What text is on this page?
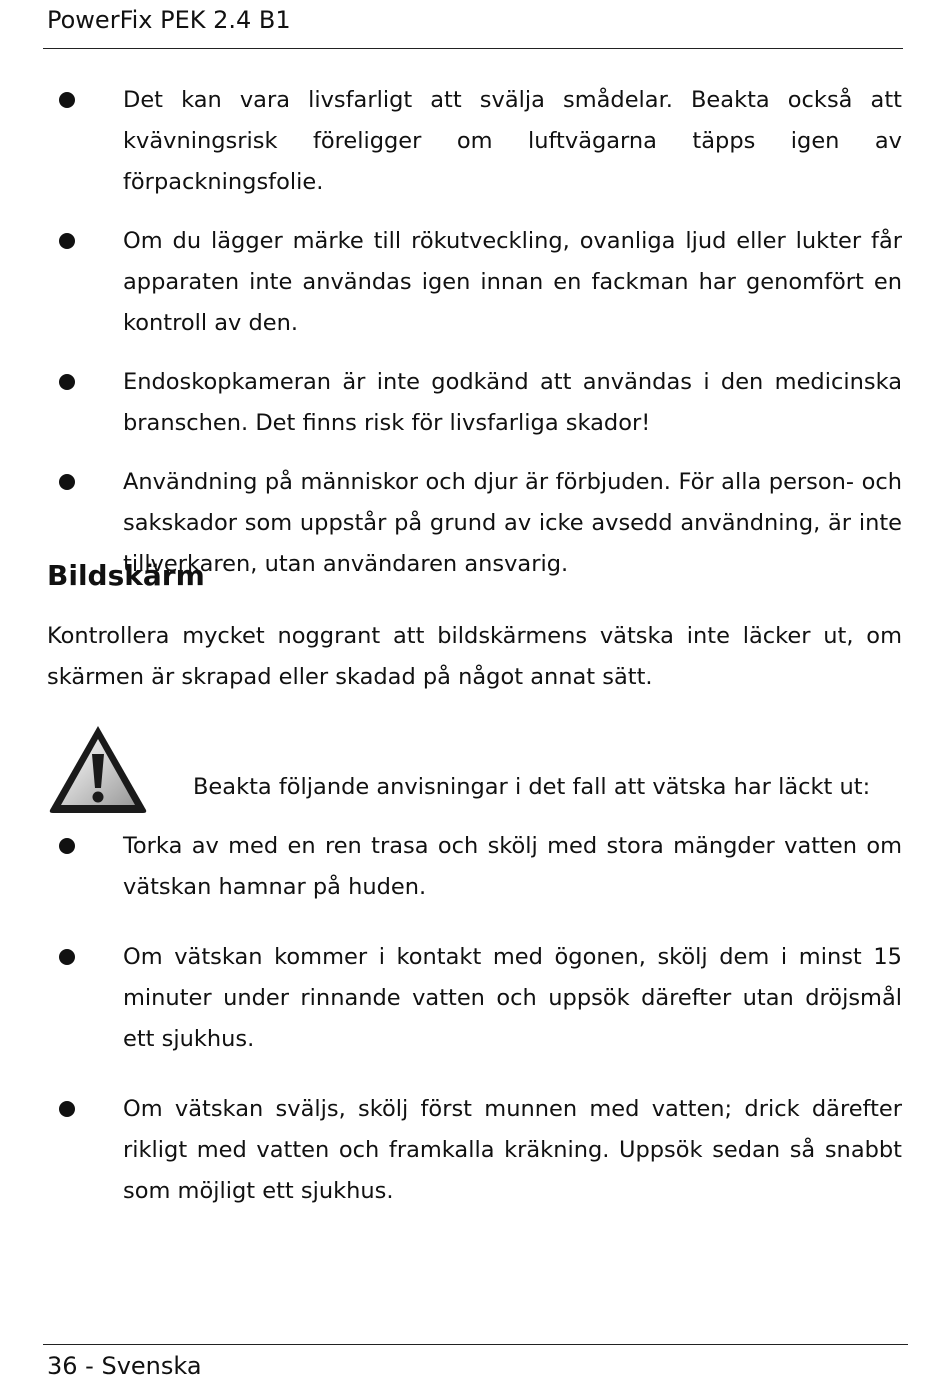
PowerFix PEK 2.4 B1
Det kan vara livsfarligt att svälja smådelar. Beakta också att kvävningsrisk föreligger om luftvägarna täpps igen av förpackningsfolie.
Om du lägger märke till rökutveckling, ovanliga ljud eller lukter får apparaten inte användas igen innan en fackman har genomfört en kontroll av den.
Endoskopkameran är inte godkänd att användas i den medicinska branschen. Det finns risk för livsfarliga skador!
Användning på människor och djur är förbjuden. För alla person- och sakskador som uppstår på grund av icke avsedd användning, är inte tillverkaren, utan användaren ansvarig.
Bildskärm
Kontrollera mycket noggrant att bildskärmens vätska inte läcker ut, om skärmen är skrapad eller skadad på något annat sätt.
Beakta följande anvisningar i det fall att vätska har läckt ut:
Torka av med en ren trasa och skölj med stora mängder vatten om vätskan hamnar på huden.
Om vätskan kommer i kontakt med ögonen, skölj dem i minst 15 minuter under rinnande vatten och uppsök därefter utan dröjsmål ett sjukhus.
Om vätskan sväljs, skölj först munnen med vatten; drick därefter rikligt med vatten och framkalla kräkning. Uppsök sedan så snabbt som möjligt ett sjukhus.
36 - Svenska
